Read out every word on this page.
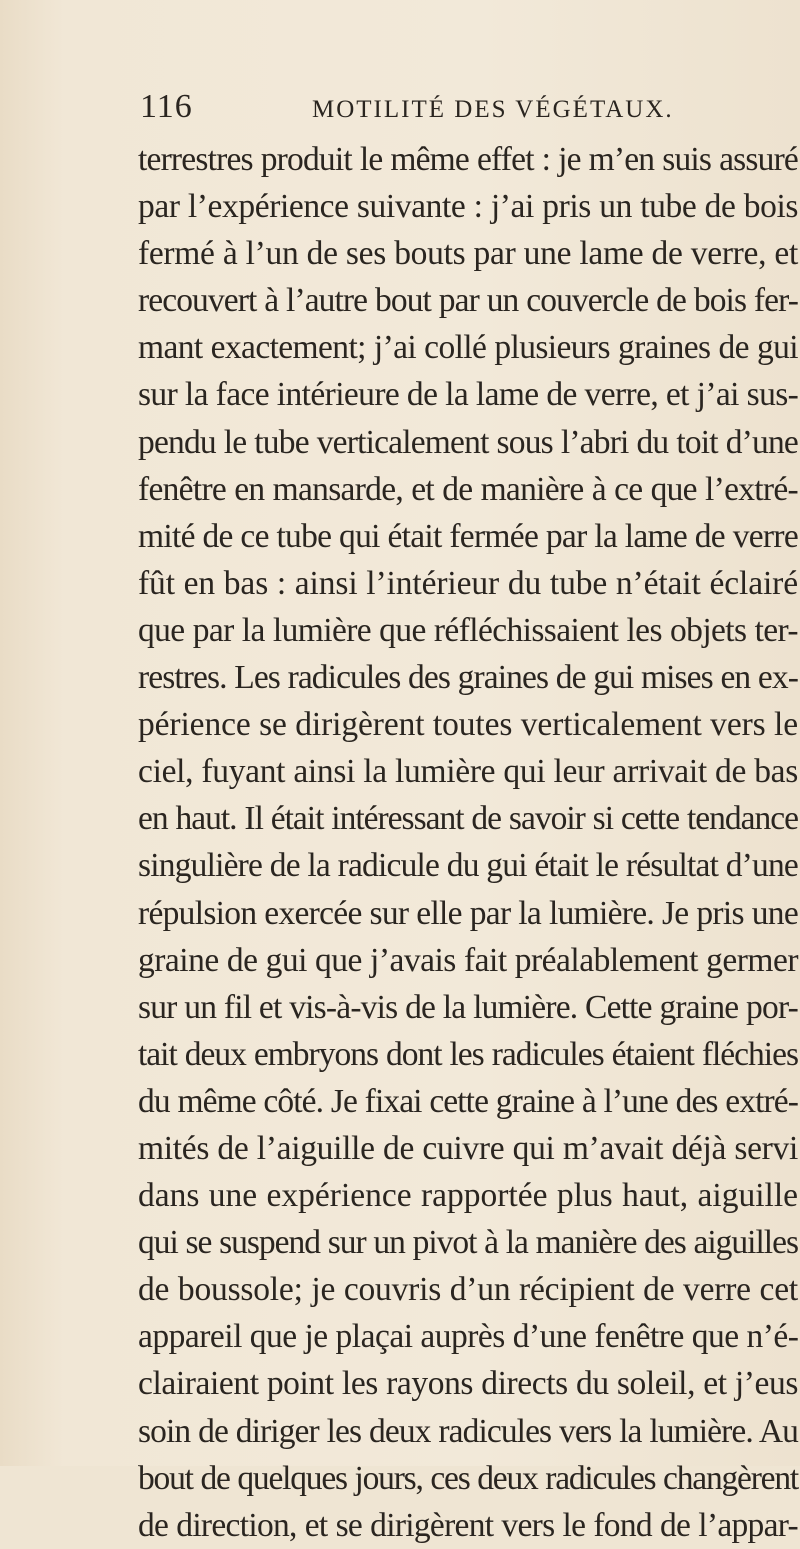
116	MOTILITÉ DES VÉGÉTAUX.
terrestres produit le même effet : je m’en suis assuré
par l’expérience suivante : j’ai pris un tube de bois
fermé à l’un de ses bouts par une lame de verre, et
recouvert à l’autre bout par un couvercle de bois fer-
mant exactement; j’ai collé plusieurs graines de gui
sur la face intérieure de la lame de verre, et j’ai sus-
pendu le tube verticalement sous l’abri du toit d’une
fenêtre en mansarde, et de manière à ce que l’extré-
mité de ce tube qui était fermée par la lame de verre
fût en bas : ainsi l’intérieur du tube n’était éclairé
que par la lumière que réfléchissaient les objets ter-
restres. Les radicules des graines de gui mises en ex-
périence se dirigèrent toutes verticalement vers le
ciel, fuyant ainsi la lumière qui leur arrivait de bas
en haut. Il était intéressant de savoir si cette tendance
singulière de la radicule du gui était le résultat d’une
répulsion exercée sur elle par la lumière. Je pris une
graine de gui que j’avais fait préalablement germer
sur un fil et vis-à-vis de la lumière. Cette graine por-
tait deux embryons dont les radicules étaient fléchies
du même côté. Je fixai cette graine à l’une des extré-
mités de l’aiguille de cuivre qui m’avait déjà servi
dans une expérience rapportée plus haut, aiguille
qui se suspend sur un pivot à la manière des aiguilles
de boussole; je couvris d’un récipient de verre cet
appareil que je plaçai auprès d’une fenêtre que n’é-
clairaient point les rayons directs du soleil, et j’eus
soin de diriger les deux radicules vers la lumière. Au
bout de quelques jours, ces deux radicules changèrent
de direction, et se dirigèrent vers le fond de l’appar-
